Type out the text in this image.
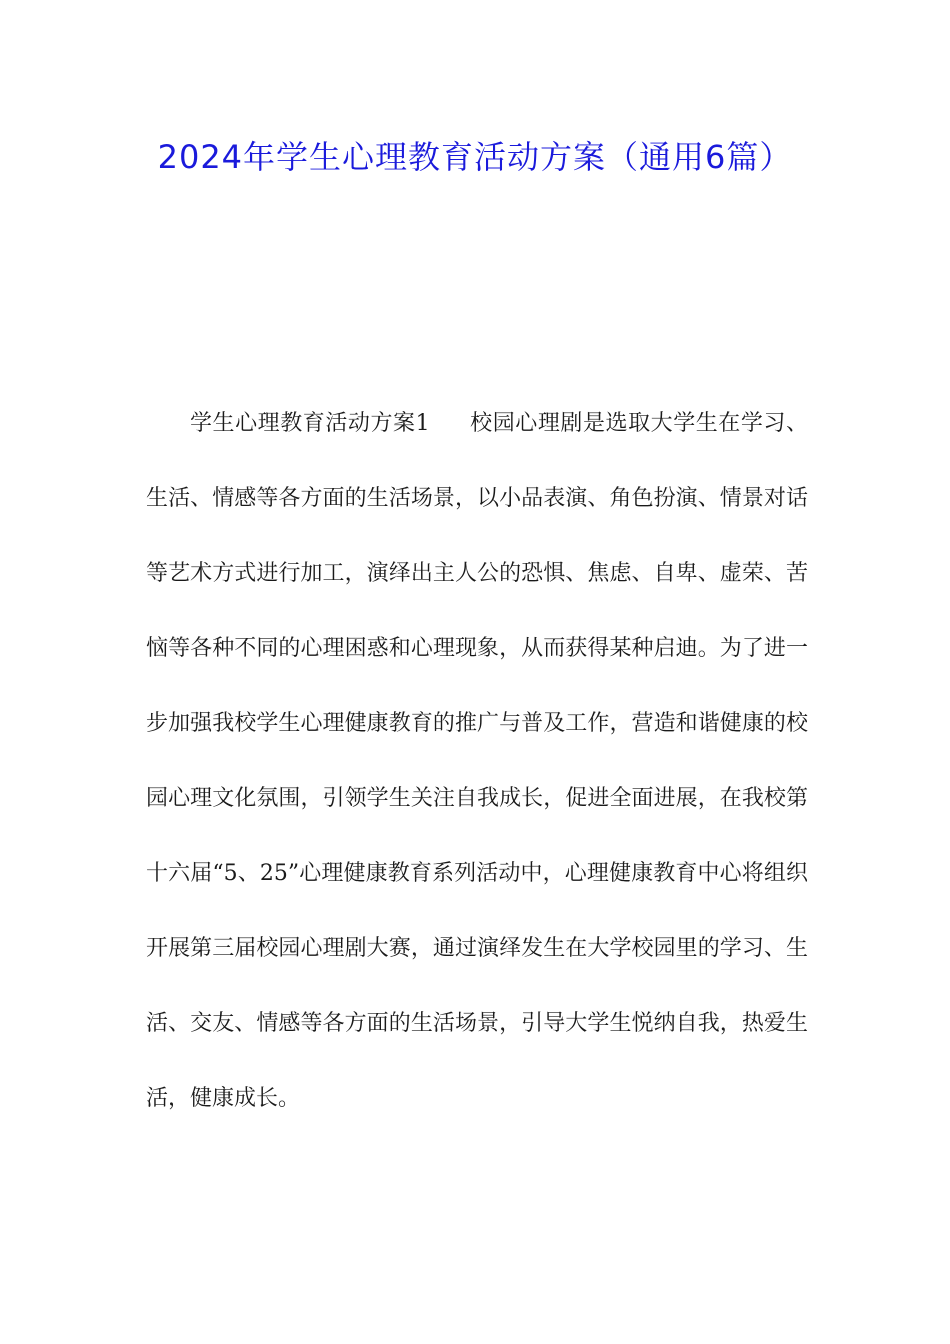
2024年学生心理教育活动方案（通用6篇）

学生心理教育活动方案1 校园心理剧是选取大学生在学习、生活、情感等各方面的生活场景，以小品表演、角色扮演、情景对话等艺术方式进行加工，演绎出主人公的恐惧、焦虑、自卑、虚荣、苦恼等各种不同的心理困惑和心理现象，从而获得某种启迪。为了进一步加强我校学生心理健康教育的推广与普及工作，营造和谐健康的校园心理文化氛围，引领学生关注自我成长，促进全面进展，在我校第十六届“5、25”心理健康教育系列活动中，心理健康教育中心将组织开展第三届校园心理剧大赛，通过演绎发生在大学校园里的学习、生活、交友、情感等各方面的生活场景，引导大学生悦纳自我，热爱生活，健康成长。
